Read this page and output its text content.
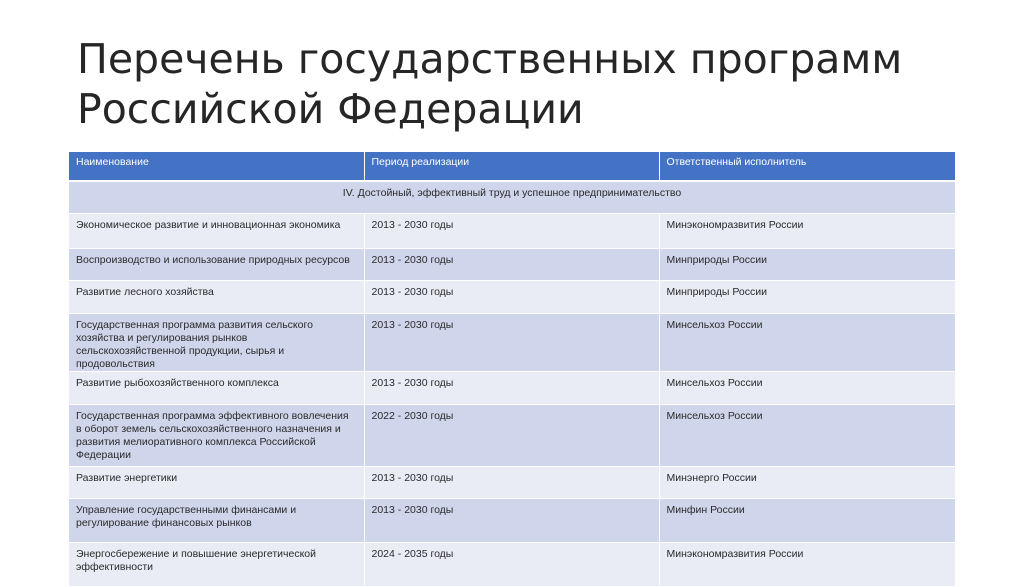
Перечень государственных программ
Российской Федерации
Наименование	Период реализации	Ответственный исполнитель
IV. Достойный, эффективный труд и успешное предпринимательство		
Экономическое развитие и инновационная экономика	2013 - 2030 годы	Минэкономразвития России
Воспроизводство и использование природных ресурсов	2013 - 2030 годы	Минприроды России
Развитие лесного хозяйства	2013 - 2030 годы	Минприроды России
Государственная программа развития сельского хозяйства и регулирования рынков сельскохозяйственной продукции, сырья и продовольствия	2013 - 2030 годы	Минсельхоз России
Развитие рыбохозяйственного комплекса	2013 - 2030 годы	Минсельхоз России
Государственная программа эффективного вовлечения в оборот земель сельскохозяйственного назначения и развития мелиоративного комплекса Российской Федерации	2022 - 2030 годы	Минсельхоз России
Развитие энергетики	2013 - 2030 годы	Минэнерго России
Управление государственными финансами и регулирование финансовых рынков	2013 - 2030 годы	Минфин России
Энергосбережение и повышение энергетической эффективности	2024 - 2035 годы	Минэкономразвития России
